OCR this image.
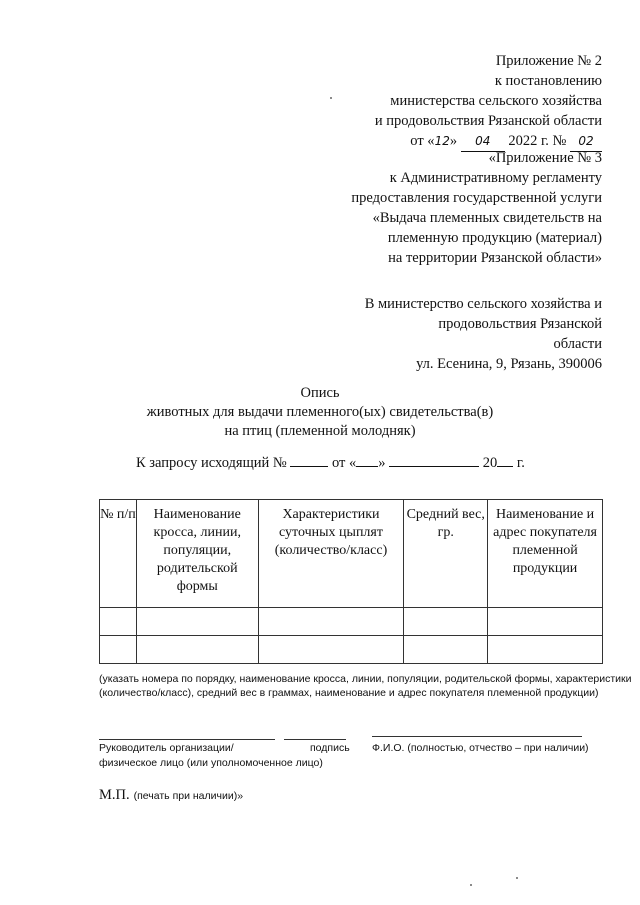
Приложение № 2
к постановлению
министерства сельского хозяйства
и продовольствия Рязанской области
от «12» 04 2022 г. № 02
«Приложение № 3
к Административному регламенту
предоставления государственной услуги
«Выдача племенных свидетельств на
племенную продукцию (материал)
на территории Рязанской области»
В министерство сельского хозяйства и
продовольствия Рязанской
области
ул. Есенина, 9, Рязань, 390006
Опись
животных для выдачи племенного(ых) свидетельства(в)
на птиц (племенной молодняк)
К запросу исходящий №	от « »	20 г.
№ п/п	Наименование кросса, линии, популяции, родительской формы	Характеристики суточных цыплят (количество/класс)	Средний вес, гр.	Наименование и адрес покупателя племенной продукции

(указать номера по порядку, наименование кросса, линии, популяции, родительской формы, характеристики
(количество/класс), средний вес в граммах, наименование и адрес покупателя племенной продукции)
Руководитель организации/	подпись Ф.И.О. (полностью, отчество – при наличии)
физическое лицо (или уполномоченное лицо)
М.П. (печать при наличии)»
